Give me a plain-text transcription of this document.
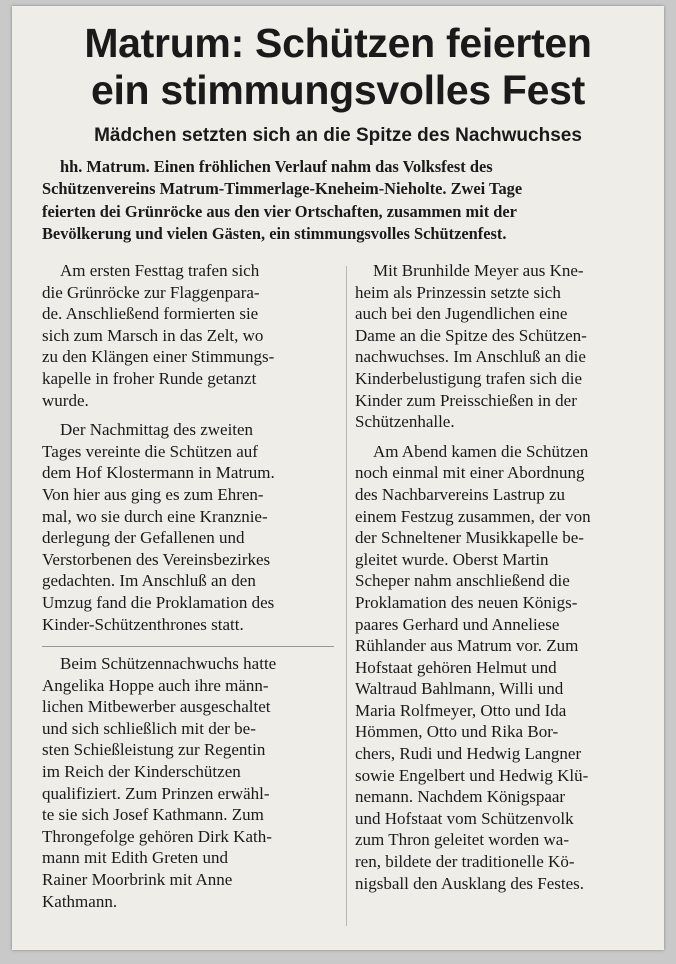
Matrum: Schützen feierten
ein stimmungsvolles Fest
Mädchen setzten sich an die Spitze des Nachwuchses
hh. Matrum. Einen fröhlichen Verlauf nahm das Volksfest des
Schützenvereins Matrum-Timmerlage-Kneheim-Nieholte. Zwei Tage
feierten dei Grünröcke aus den vier Ortschaften, zusammen mit der
Bevölkerung und vielen Gästen, ein stimmungsvolles Schützenfest.
Am ersten Festtag trafen sich
die Grünröcke zur Flaggenpara-
de. Anschließend formierten sie
sich zum Marsch in das Zelt, wo
zu den Klängen einer Stimmungs-
kapelle in froher Runde getanzt
wurde.
Der Nachmittag des zweiten
Tages vereinte die Schützen auf
dem Hof Klostermann in Matrum.
Von hier aus ging es zum Ehren-
mal, wo sie durch eine Kranznie-
derlegung der Gefallenen und
Verstorbenen des Vereinsbezirkes
gedachten. Im Anschluß an den
Umzug fand die Proklamation des
Kinder-Schützenthrones statt.
Beim Schützennachwuchs hatte
Angelika Hoppe auch ihre männ-
lichen Mitbewerber ausgeschaltet
und sich schließlich mit der be-
sten Schießleistung zur Regentin
im Reich der Kinderschützen
qualifiziert. Zum Prinzen erwähl-
te sie sich Josef Kathmann. Zum
Throngefolge gehören Dirk Kath-
mann mit Edith Greten und
Rainer Moorbrink mit Anne
Kathmann.
Mit Brunhilde Meyer aus Kne-
heim als Prinzessin setzte sich
auch bei den Jugendlichen eine
Dame an die Spitze des Schützen-
nachwuchses. Im Anschluß an die
Kinderbelustigung trafen sich die
Kinder zum Preisschießen in der
Schützenhalle.
Am Abend kamen die Schützen
noch einmal mit einer Abordnung
des Nachbarvereins Lastrup zu
einem Festzug zusammen, der von
der Schneltener Musikkapelle be-
gleitet wurde. Oberst Martin
Scheper nahm anschließend die
Proklamation des neuen Königs-
paares Gerhard und Anneliese
Rühlander aus Matrum vor. Zum
Hofstaat gehören Helmut und
Waltraud Bahlmann, Willi und
Maria Rolfmeyer, Otto und Ida
Hömmen, Otto und Rika Bor-
chers, Rudi und Hedwig Langner
sowie Engelbert und Hedwig Klü-
nemann. Nachdem Königspaar
und Hofstaat vom Schützenvolk
zum Thron geleitet worden wa-
ren, bildete der traditionelle Kö-
nigsball den Ausklang des Festes.
